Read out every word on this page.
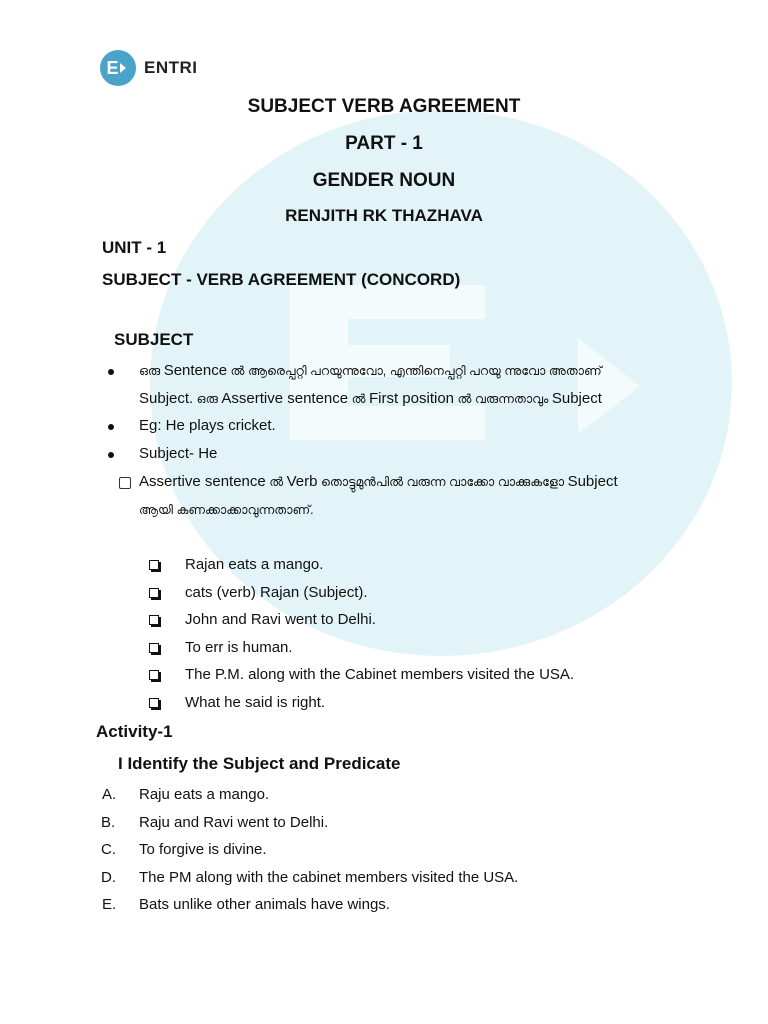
E ENTRI
SUBJECT VERB AGREEMENT
PART - 1
GENDER NOUN
RENJITH RK THAZHAVA
UNIT - 1
SUBJECT - VERB AGREEMENT (CONCORD)
SUBJECT
ഒരു Sentence ൽ ആരെപ്പറ്റി പറയുന്നുവോ, എന്തിനെപ്പറ്റി പറയു ന്നുവോ അതാണ്
Subject. ഒരു Assertive sentence ൽ First position ൽ വരുന്നതാവും Subject
Eg: He plays cricket.
Subject- He
Assertive sentence ൽ Verb തൊട്ടുമുൻപിൽ വരുന്ന വാക്കോ വാക്കുകളോ Subject
ആയി കണക്കാക്കാവുന്നതാണ്.
Rajan eats a mango.
cats (verb) Rajan (Subject).
John and Ravi went to Delhi.
To err is human.
The P.M. along with the Cabinet members visited the USA.
What he said is right.
Activity-1
I Identify the Subject and Predicate
A. Raju eats a mango.
B. Raju and Ravi went to Delhi.
C. To forgive is divine.
D. The PM along with the cabinet members visited the USA.
E. Bats unlike other animals have wings.
